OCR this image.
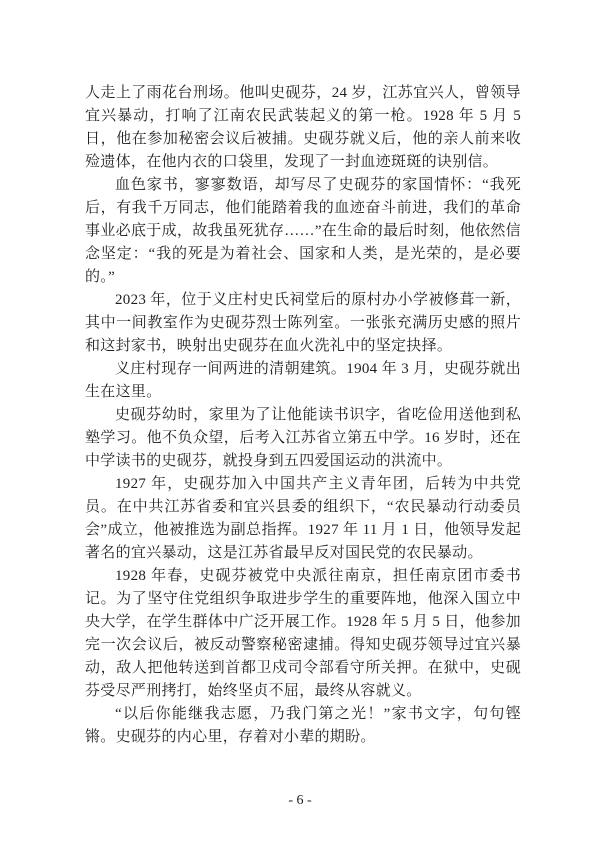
人走上了雨花台刑场。他叫史砚芬，24 岁，江苏宜兴人，曾领导宜兴暴动，打响了江南农民武装起义的第一枪。1928 年 5 月 5 日，他在参加秘密会议后被捕。史砚芬就义后，他的亲人前来收殓遗体，在他内衣的口袋里，发现了一封血迹斑斑的诀别信。

血色家书，寥寥数语，却写尽了史砚芬的家国情怀：“我死后，有我千万同志，他们能踏着我的血迹奋斗前进，我们的革命事业必底于成，故我虽死犹存……”在生命的最后时刻，他依然信念坚定：“我的死是为着社会、国家和人类，是光荣的，是必要的。”

2023 年，位于义庄村史氏祠堂后的原村办小学被修葺一新，其中一间教室作为史砚芬烈士陈列室。一张张充满历史感的照片和这封家书，映射出史砚芬在血火洗礼中的坚定抉择。

义庄村现存一间两进的清朝建筑。1904 年 3 月，史砚芬就出生在这里。

史砚芬幼时，家里为了让他能读书识字，省吃俭用送他到私塾学习。他不负众望，后考入江苏省立第五中学。16 岁时，还在中学读书的史砚芬，就投身到五四爱国运动的洪流中。

1927 年，史砚芬加入中国共产主义青年团，后转为中共党员。在中共江苏省委和宜兴县委的组织下，“农民暴动行动委员会”成立，他被推选为副总指挥。1927 年 11 月 1 日，他领导发起著名的宜兴暴动，这是江苏省最早反对国民党的农民暴动。

1928 年春，史砚芬被党中央派往南京，担任南京团市委书记。为了坚守住党组织争取进步学生的重要阵地，他深入国立中央大学，在学生群体中广泛开展工作。1928 年 5 月 5 日，他参加完一次会议后，被反动警察秘密逮捕。得知史砚芬领导过宜兴暴动，敌人把他转送到首都卫戍司令部看守所关押。在狱中，史砚芬受尽严刑拷打，始终坚贞不屈，最终从容就义。

“以后你能继我志愿，乃我门第之光！”家书文字，句句铿锵。史砚芬的内心里，存着对小辈的期盼。

- 6 -
